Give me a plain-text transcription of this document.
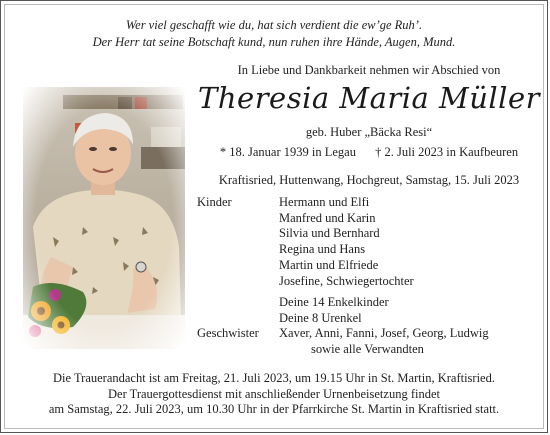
Wer viel geschafft wie du, hat sich verdient die ew’ge Ruh’.
Der Herr tat seine Botschaft kund, nun ruhen ihre Hände, Augen, Mund.
In Liebe und Dankbarkeit nehmen wir Abschied von
Theresia Maria Müller
geb. Huber „Bäcka Resi“
* 18. Januar 1939 in Legau † 2. Juli 2023 in Kaufbeuren
Kraftisried, Huttenwang, Hochgreut, Samstag, 15. Juli 2023
Kinder	Hermann und Elfi
Manfred und Karin
Silvia und Bernhard
Regina und Hans
Martin und Elfriede
Josefine, Schwiegertochter
Deine 14 Enkelkinder
Deine 8 Urenkel
Geschwister Xaver, Anni, Fanni, Josef, Georg, Ludwig
sowie alle Verwandten
Die Trauerandacht ist am Freitag, 21. Juli 2023, um 19.15 Uhr in St. Martin, Kraftisried.
Der Trauergottesdienst mit anschließender Urnenbeisetzung findet
am Samstag, 22. Juli 2023, um 10.30 Uhr in der Pfarrkirche St. Martin in Kraftisried statt.
